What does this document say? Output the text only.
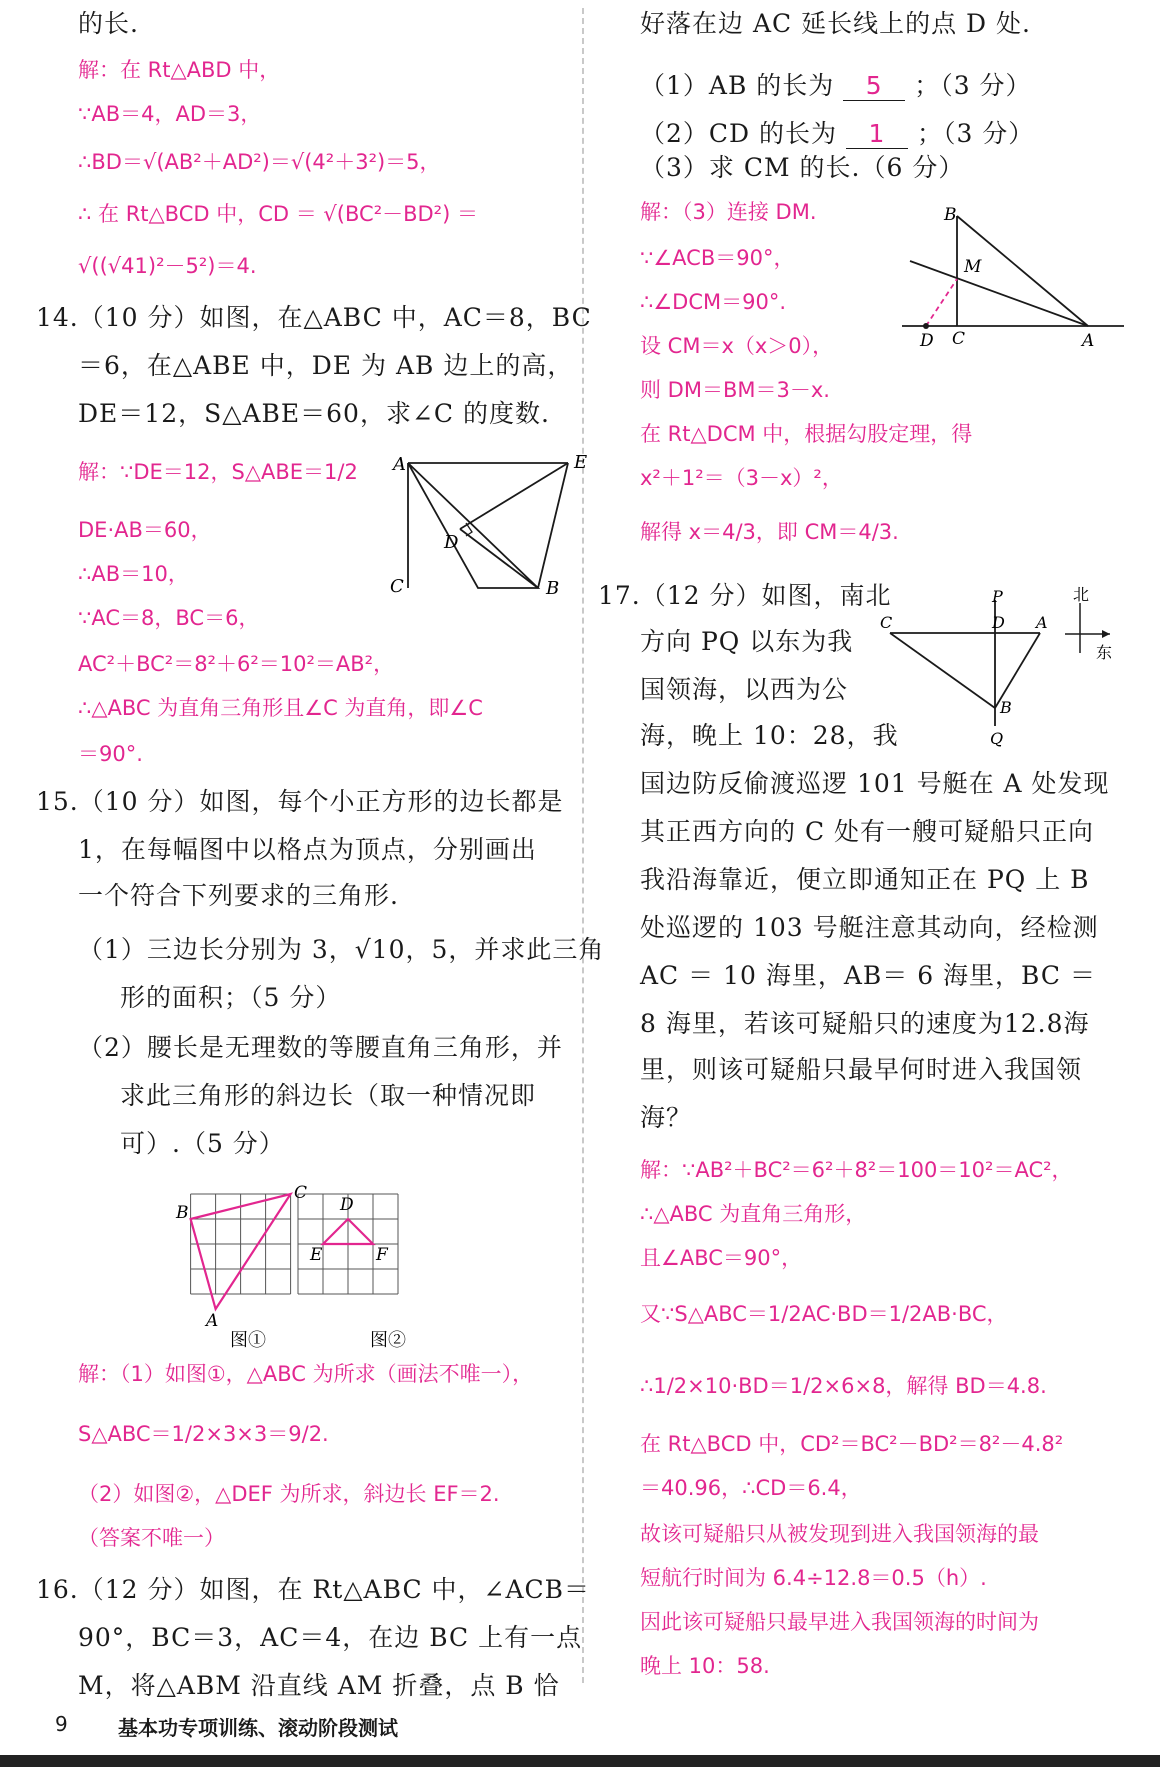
A	E
D
C	B
B
C
A
D
E	F
图①	图②
的长.
解：在 Rt△ABD 中，
∵AB＝4，AD＝3，
∴BD＝√(AB²＋AD²)＝√(4²＋3²)＝5，
∴ 在 Rt△BCD 中，CD ＝ √(BC²－BD²) ＝
√((√41)²－5²)＝4.
14.（10 分）如图，在△ABC 中，AC＝8，BC
＝6，在△ABE 中，DE 为 AB 边上的高，
DE＝12，S△ABE＝60，求∠C 的度数.
解：∵DE＝12，S△ABE＝1/2
DE·AB＝60，
∴AB＝10，
∵AC＝8，BC＝6，
AC²＋BC²＝8²＋6²＝10²＝AB²，
∴△ABC 为直角三角形且∠C 为直角，即∠C
＝90°.
15.（10 分）如图，每个小正方形的边长都是
1，在每幅图中以格点为顶点，分别画出
一个符合下列要求的三角形.
（1）三边长分别为 3，√10，5，并求此三角
形的面积；（5 分）
（2）腰长是无理数的等腰直角三角形，并
求此三角形的斜边长（取一种情况即
可）.（5 分）
解：（1）如图①，△ABC 为所求（画法不唯一），
S△ABC＝1/2×3×3＝9/2.
（2）如图②，△DEF 为所求，斜边长 EF＝2.
（答案不唯一）
16.（12 分）如图，在 Rt△ABC 中，∠ACB＝
90°，BC＝3，AC＝4，在边 BC 上有一点
M，将△ABM 沿直线 AM 折叠，点 B 恰
（1）AB 的长为 5 ；（3 分）
（2）CD 的长为 1 ；（3 分）
B
M
D C	A
P
D A
C
B
Q
北
东
好落在边 AC 延长线上的点 D 处.
（3）求 CM 的长.（6 分）
解：（3）连接 DM.
∵∠ACB＝90°，
∴∠DCM＝90°.
设 CM＝x（x＞0），
则 DM＝BM＝3－x.
在 Rt△DCM 中，根据勾股定理，得
x²＋1²＝（3－x）²，
解得 x＝4/3，即 CM＝4/3.
17.（12 分）如图，南北
方向 PQ 以东为我
国领海，以西为公
海，晚上 10：28，我
国边防反偷渡巡逻 101 号艇在 A 处发现
其正西方向的 C 处有一艘可疑船只正向
我沿海靠近，便立即通知正在 PQ 上 B
处巡逻的 103 号艇注意其动向，经检测
AC ＝ 10 海里，AB＝ 6 海里，BC ＝
8 海里，若该可疑船只的速度为12.8海
里，则该可疑船只最早何时进入我国领
海？
解：∵AB²＋BC²＝6²＋8²＝100＝10²＝AC²，
∴△ABC 为直角三角形，
且∠ABC＝90°，
又∵S△ABC＝1/2AC·BD＝1/2AB·BC，
∴1/2×10·BD＝1/2×6×8，解得 BD＝4.8.
在 Rt△BCD 中，CD²＝BC²－BD²＝8²－4.8²
＝40.96，∴CD＝6.4，
故该可疑船只从被发现到进入我国领海的最
短航行时间为 6.4÷12.8＝0.5（h）.
因此该可疑船只最早进入我国领海的时间为
晚上 10：58.
9	基本功专项训练、滚动阶段测试
